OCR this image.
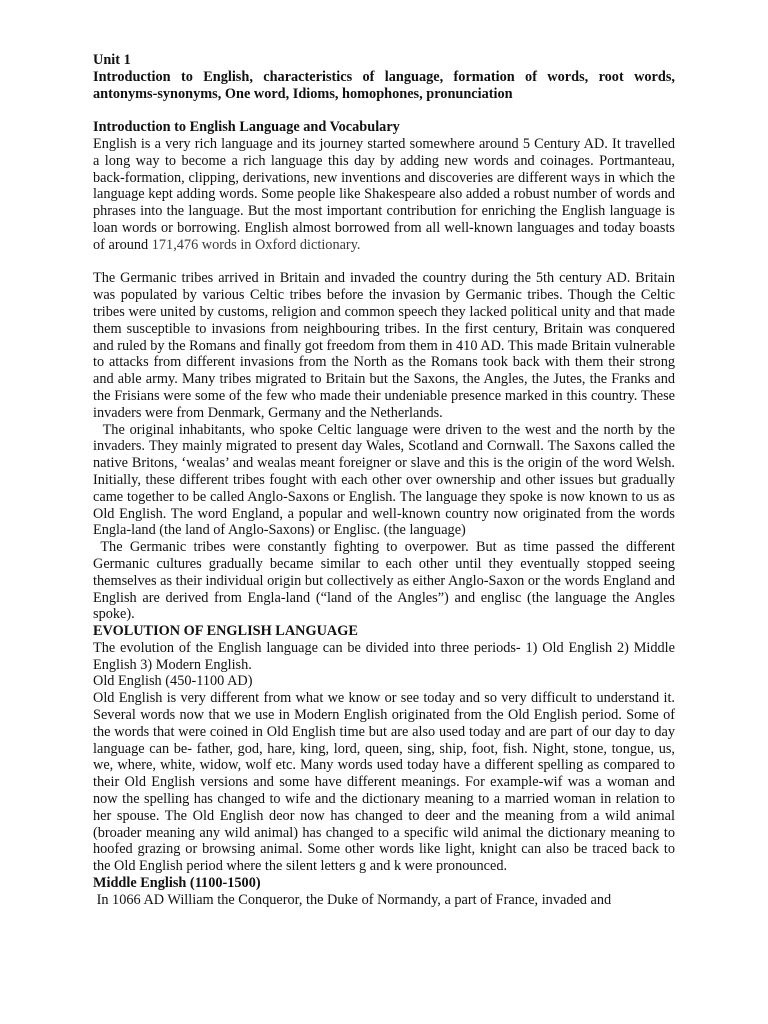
Unit 1
Introduction to English, characteristics of language, formation of words, root words, antonyms-synonyms, One word, Idioms, homophones, pronunciation
Introduction to English Language and Vocabulary

English is a very rich language and its journey started somewhere around 5 Century AD. It travelled a long way to become a rich language this day by adding new words and coinages. Portmanteau, back-formation, clipping, derivations, new inventions and discoveries are different ways in which the language kept adding words. Some people like Shakespeare also added a robust number of words and phrases into the language. But the most important contribution for enriching the English language is loan words or borrowing. English almost borrowed from all well-known languages and today boasts of around 171,476 words in Oxford dictionary.

The Germanic tribes arrived in Britain and invaded the country during the 5th century AD. Britain was populated by various Celtic tribes before the invasion by Germanic tribes. Though the Celtic tribes were united by customs, religion and common speech they lacked political unity and that made them susceptible to invasions from neighbouring tribes. In the first century, Britain was conquered and ruled by the Romans and finally got freedom from them in 410 AD. This made Britain vulnerable to attacks from different invasions from the North as the Romans took back with them their strong and able army. Many tribes migrated to Britain but the Saxons, the Angles, the Jutes, the Franks and the Frisians were some of the few who made their undeniable presence marked in this country. These invaders were from Denmark, Germany and the Netherlands.

The original inhabitants, who spoke Celtic language were driven to the west and the north by the invaders. They mainly migrated to present day Wales, Scotland and Cornwall. The Saxons called the native Britons, ‘wealas’ and wealas meant foreigner or slave and this is the origin of the word Welsh. Initially, these different tribes fought with each other over ownership and other issues but gradually came together to be called Anglo-Saxons or English. The language they spoke is now known to us as Old English. The word England, a popular and well-known country now originated from the words Engla-land (the land of Anglo-Saxons) or Englisc. (the language)

The Germanic tribes were constantly fighting to overpower. But as time passed the different Germanic cultures gradually became similar to each other until they eventually stopped seeing themselves as their individual origin but collectively as either Anglo-Saxon or the words England and English are derived from Engla-land (“land of the Angles”) and englisc (the language the Angles spoke).

EVOLUTION OF ENGLISH LANGUAGE

The evolution of the English language can be divided into three periods- 1) Old English 2) Middle English 3) Modern English.

Old English (450-1100 AD)

Old English is very different from what we know or see today and so very difficult to understand it. Several words now that we use in Modern English originated from the Old English period. Some of the words that were coined in Old English time but are also used today and are part of our day to day language can be- father, god, hare, king, lord, queen, sing, ship, foot, fish. Night, stone, tongue, us, we, where, white, widow, wolf etc. Many words used today have a different spelling as compared to their Old English versions and some have different meanings. For example-wif was a woman and now the spelling has changed to wife and the dictionary meaning to a married woman in relation to her spouse. The Old English deor now has changed to deer and the meaning from a wild animal (broader meaning any wild animal) has changed to a specific wild animal the dictionary meaning to hoofed grazing or browsing animal. Some other words like light, knight can also be traced back to the Old English period where the silent letters g and k were pronounced.

Middle English (1100-1500)

In 1066 AD William the Conqueror, the Duke of Normandy, a part of France, invaded and
